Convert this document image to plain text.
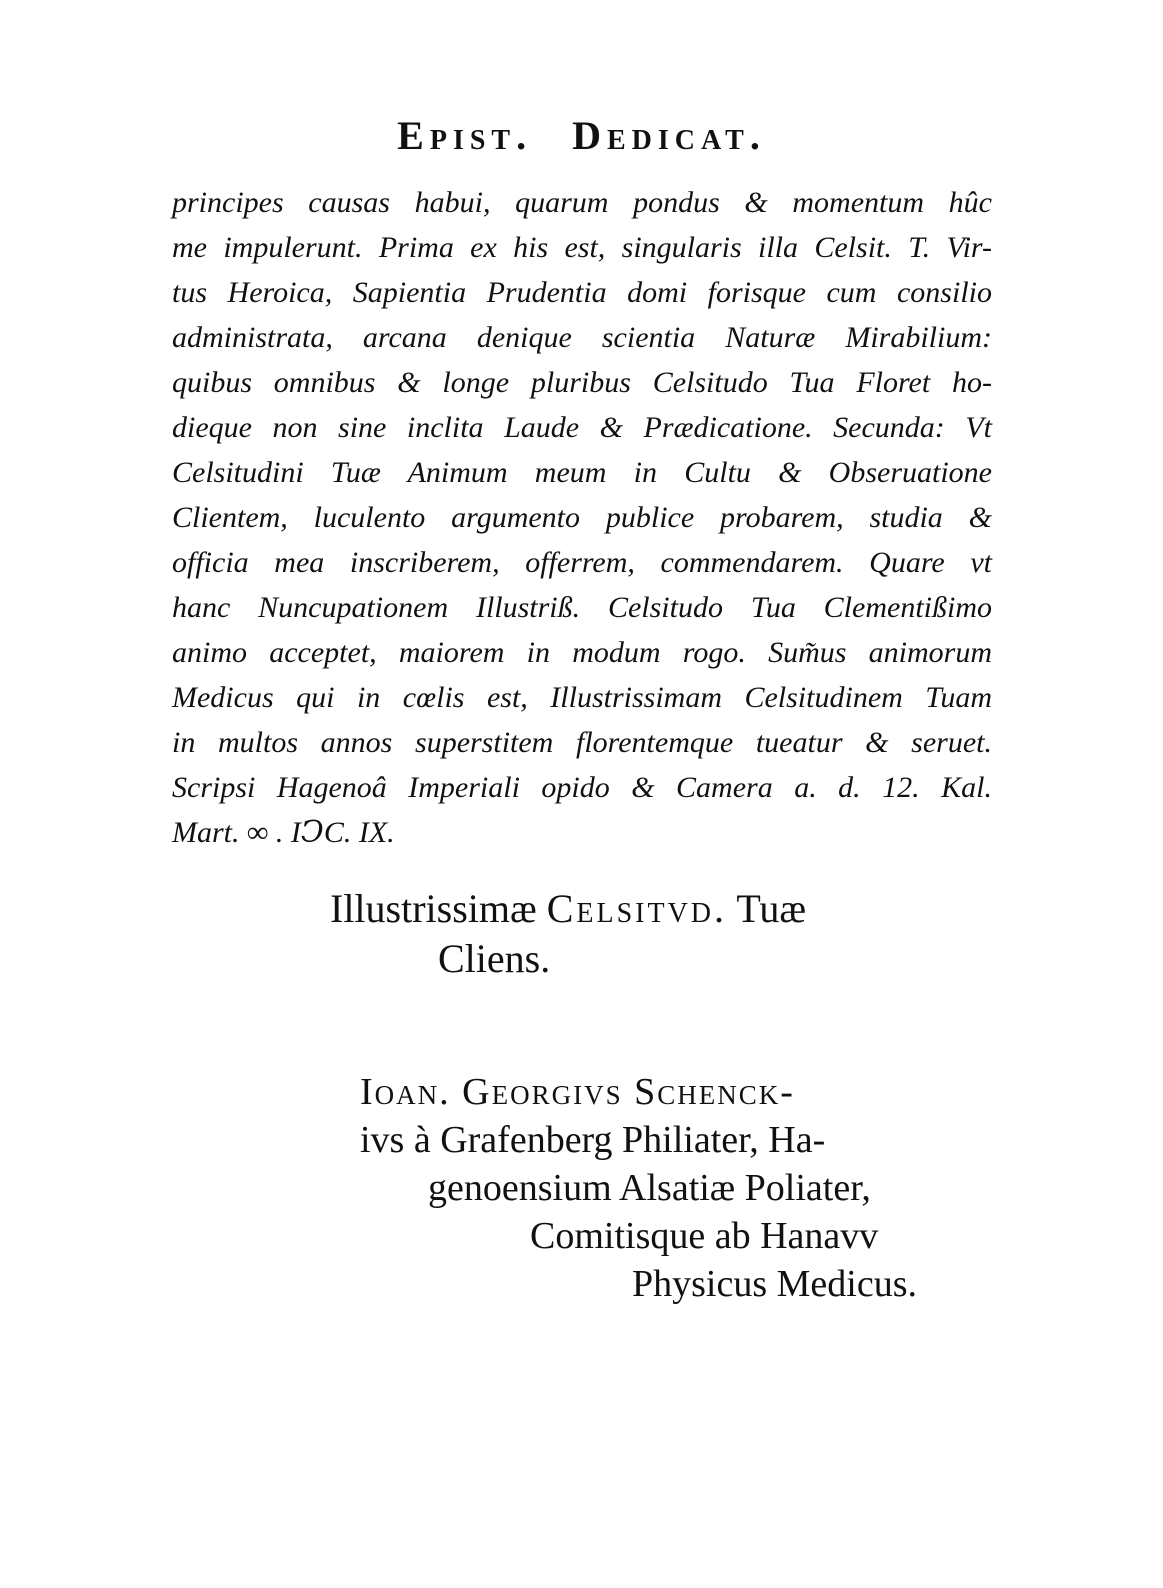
Epist. Dedicat.
principes causas habui, quarum pondus & momentum hûc
me impulerunt. Prima ex his est, singularis illa Celsit. T. Vir-
tus Heroica, Sapientia Prudentia domi forisque cum consilio
administrata, arcana denique scientia Naturæ Mirabilium:
quibus omnibus & longe pluribus Celsitudo Tua Floret ho-
dieque non sine inclita Laude & Prædicatione. Secunda: Vt
Celsitudini Tuæ Animum meum in Cultu & Obseruatione
Clientem, luculento argumento publice probarem, studia &
officia mea inscriberem, offerrem, commendarem. Quare vt
hanc Nuncupationem Illustriß. Celsitudo Tua Clementißimo
animo acceptet, maiorem in modum rogo. Sum̃us animorum
Medicus qui in cœlis est, Illustrissimam Celsitudinem Tuam
in multos annos superstitem florentemque tueatur & seruet.
Scripsi Hagenoâ Imperiali opido & Camera a. d. 12. Kal.
Mart. ∞ . IↃC. IX.
Illustrissimæ Celsitvd. Tuæ
Cliens.
Ioan. Georgivs Schenck-
ivs à Grafenberg Philiater, Ha-
genoensium Alsatiæ Poliater,
Comitisque ab Hanavv
Physicus Medicus.
